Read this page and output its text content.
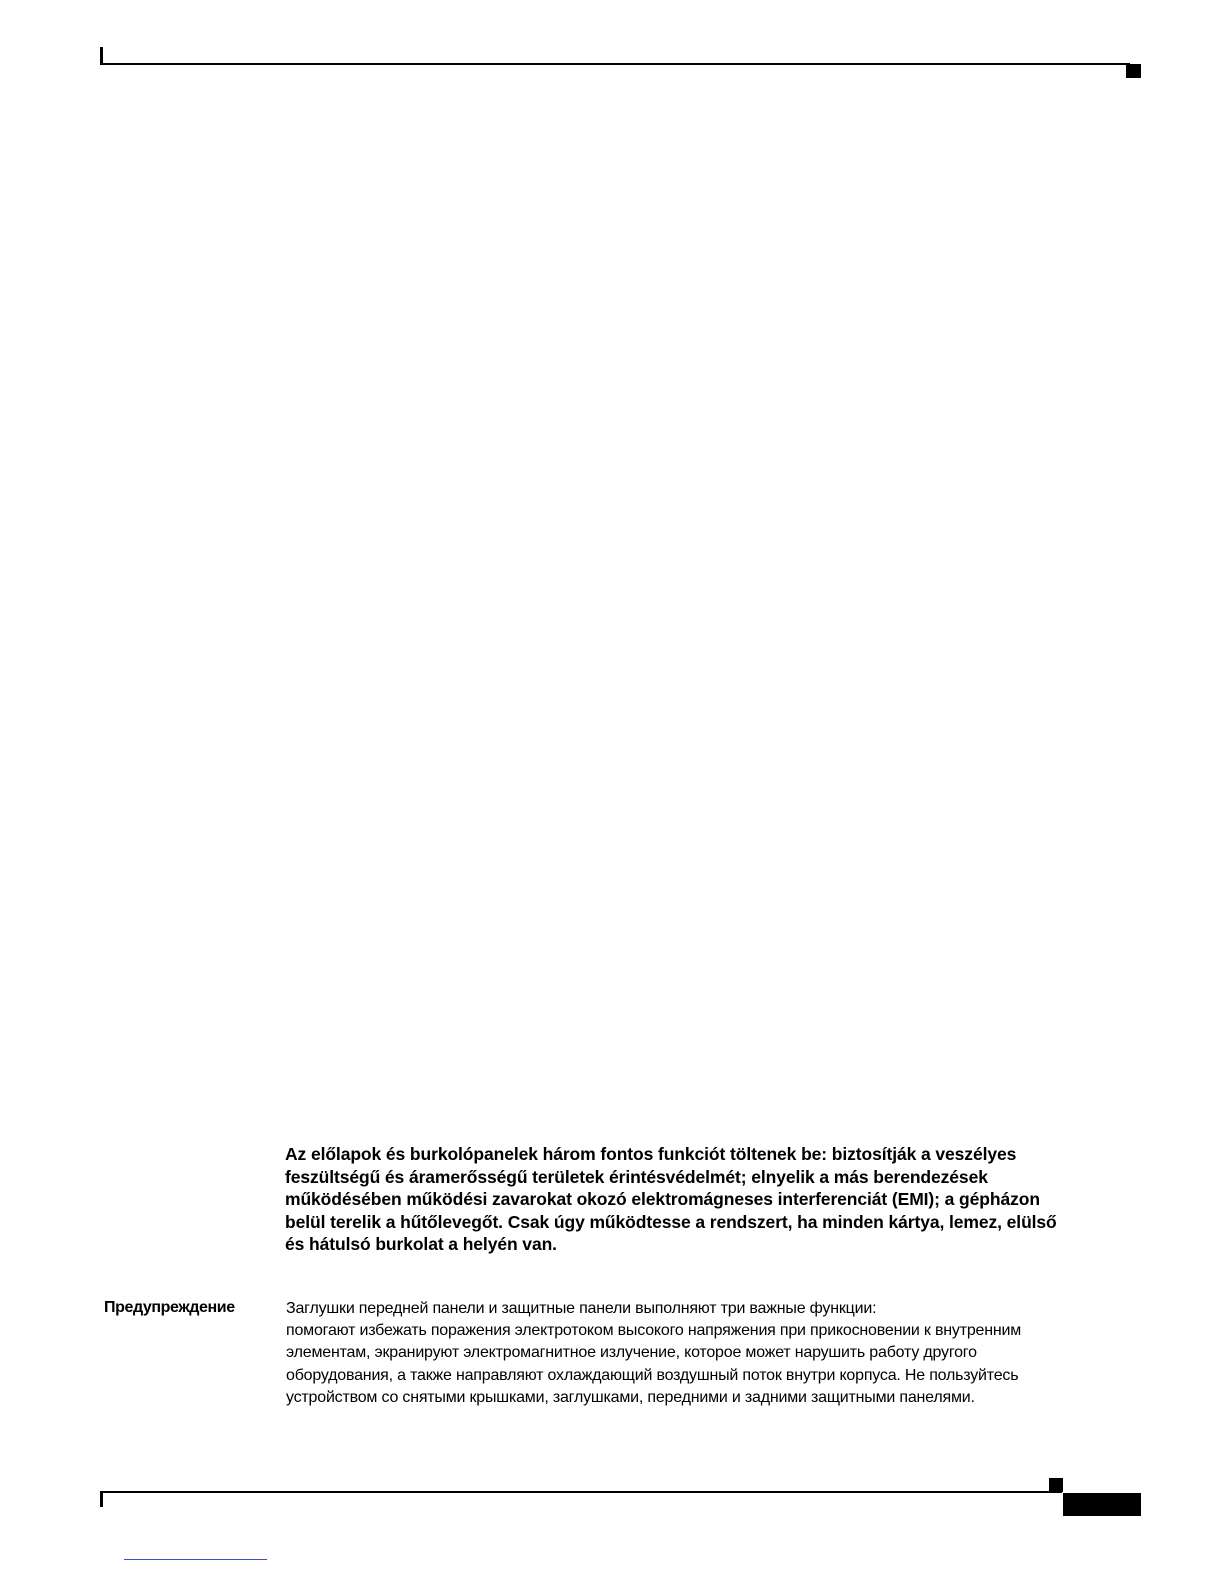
Az előlapok és burkolópanelek három fontos funkciót töltenek be: biztosítják a veszélyes

feszültségű és áramerősségű területek érintésvédelmét; elnyelik a más berendezések

működésében működési zavarokat okozó elektromágneses interferenciát (EMI); a gépházon

belül terelik a hűtőlevegőt. Csak úgy működtesse a rendszert, ha minden kártya, lemez, elülső

és hátulsó burkolat a helyén van.

Предупреждение	Заглушки передней панели и защитные панели выполняют три важные функции:

помогают избежать поражения электротоком высокого напряжения при прикосновении к внутренним

элементам, экранируют электромагнитное излучение, которое может нарушить работу другого

оборудования, а также направляют охлаждающий воздушный поток внутри корпуса. Не пользуйтесь

устройством со снятыми крышками, заглушками, передними и задними защитными панелями.
